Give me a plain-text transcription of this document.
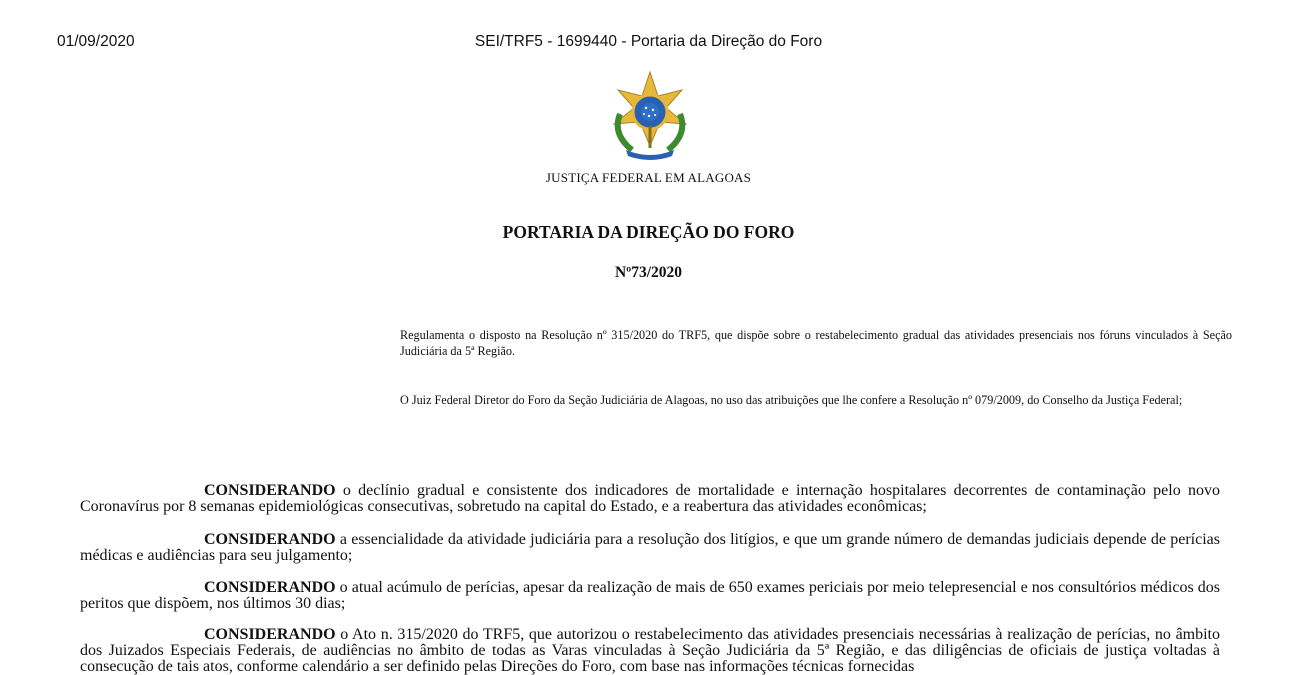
01/09/2020	SEI/TRF5 - 1699440 - Portaria da Direção do Foro
JUSTIÇA FEDERAL EM ALAGOAS
PORTARIA DA DIREÇÃO DO FORO
Nº73/2020
Regulamenta o disposto na Resolução nº 315/2020 do TRF5, que dispõe sobre o restabelecimento gradual das atividades presenciais nos fóruns vinculados à Seção Judiciária da 5ª Região.
O Juiz Federal Diretor do Foro da Seção Judiciária de Alagoas, no uso das atribuições que lhe confere a Resolução nº 079/2009, do Conselho da Justiça Federal;

CONSIDERANDO o declínio gradual e consistente dos indicadores de mortalidade e internação hospitalares decorrentes de contaminação pelo novo Coronavírus por 8 semanas epidemiológicas consecutivas, sobretudo na capital do Estado, e a reabertura das atividades econômicas;

CONSIDERANDO a essencialidade da atividade judiciária para a resolução dos litígios, e que um grande número de demandas judiciais depende de perícias médicas e audiências para seu julgamento;

CONSIDERANDO o atual acúmulo de perícias, apesar da realização de mais de 650 exames periciais por meio telepresencial e nos consultórios médicos dos peritos que dispõem, nos últimos 30 dias;

CONSIDERANDO o Ato n. 315/2020 do TRF5, que autorizou o restabelecimento das atividades presenciais necessárias à realização de perícias, no âmbito dos Juizados Especiais Federais, de audiências no âmbito de todas as Varas vinculadas à Seção Judiciária da 5ª Região, e das diligências de oficiais de justiça voltadas à consecução de tais atos, conforme calendário a ser definido pelas Direções do Foro, com base nas informações técnicas fornecidas
